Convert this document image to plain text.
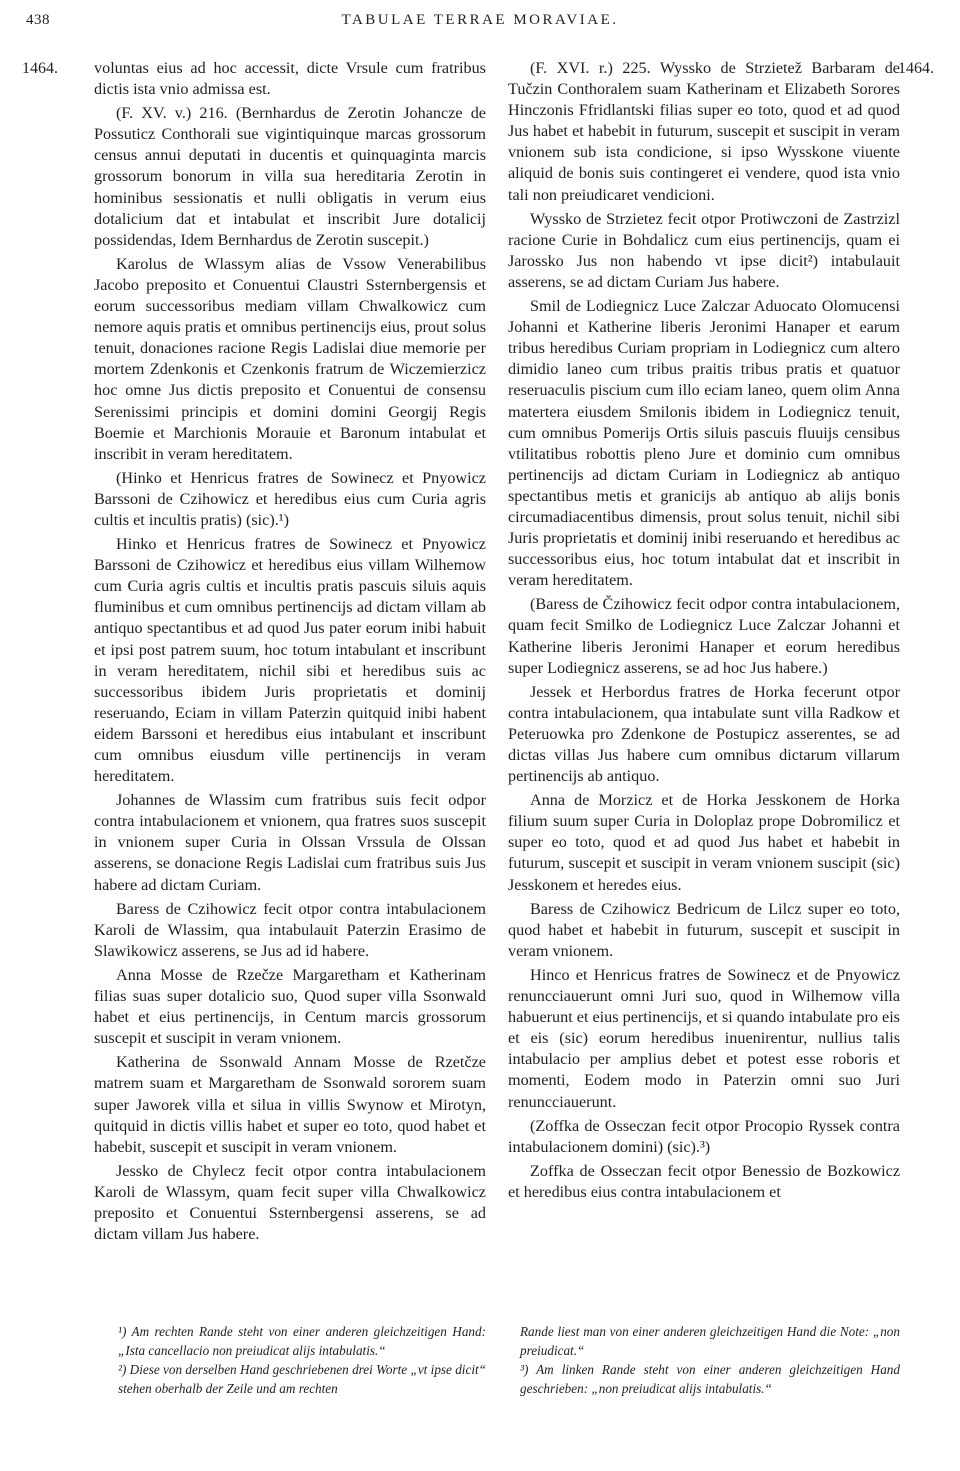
438	TABULAE TERRAE MORAVIAE.
1464.	1464.

voluntas eius ad hoc accessit, dicte Vrsule cum fratribus dictis ista vnio admissa est.

(F. XV. v.) 216. (Bernhardus de Zerotin Johancze de Possuticz Conthorali sue vigintiquinque marcas grossorum census annui deputati in ducentis et quinquaginta marcis grossorum bonorum in villa sua hereditaria Zerotin in hominibus sessionatis et nulli obligatis in verum eius dotalicium dat et intabulat et inscribit Jure dotalicij possidendas, Idem Bernhardus de Zerotin suscepit.)

Karolus de Wlassym alias de Vssow Venerabilibus Jacobo preposito et Conuentui Claustri Ssternbergensis et eorum successoribus mediam villam Chwalkowicz cum nemore aquis pratis et omnibus pertinencijs eius, prout solus tenuit, donaciones racione Regis Ladislai diue memorie per mortem Zdenkonis et Czenkonis fratrum de Wiczemierzicz hoc omne Jus dictis preposito et Conuentui de consensu Serenissimi principis et domini domini Georgij Regis Boemie et Marchionis Morauie et Baronum intabulat et inscribit in veram hereditatem.

(Hinko et Henricus fratres de Sowinecz et Pnyowicz Barssoni de Czihowicz et heredibus eius cum Curia agris cultis et incultis pratis) (sic).¹)

Hinko et Henricus fratres de Sowinecz et Pnyowicz Barssoni de Czihowicz et heredibus eius villam Wilhemow cum Curia agris cultis et incultis pratis pascuis siluis aquis fluminibus et cum omnibus pertinencijs ad dictam villam ab antiquo spectantibus et ad quod Jus pater eorum inibi habuit et ipsi post patrem suum, hoc totum intabulant et inscribunt in veram hereditatem, nichil sibi et heredibus suis ac successoribus ibidem Juris proprietatis et dominij reseruando, Eciam in villam Paterzin quitquid inibi habent eidem Barssoni et heredibus eius intabulant et inscribunt cum omnibus eiusdum ville pertinencijs in veram hereditatem.

Johannes de Wlassim cum fratribus suis fecit odpor contra intabulacionem et vnionem, qua fratres suos suscepit in vnionem super Curia in Olssan Vrssula de Olssan asserens, se donacione Regis Ladislai cum fratribus suis Jus habere ad dictam Curiam.

Baress de Czihowicz fecit otpor contra intabulacionem Karoli de Wlassim, qua intabulauit Paterzin Erasimo de Slawikowicz asserens, se Jus ad id habere.

Anna Mosse de Rzečze Margaretham et Katherinam filias suas super dotalicio suo, Quod super villa Ssonwald habet et eius pertinencijs, in Centum marcis grossorum suscepit et suscipit in veram vnionem.

Katherina de Ssonwald Annam Mosse de Rzetčze matrem suam et Margaretham de Ssonwald sororem suam super Jaworek villa et silua in villis Swynow et Mirotyn, quitquid in dictis villis habet et super eo toto, quod habet et habebit, suscepit et suscipit in veram vnionem.

Jessko de Chylecz fecit otpor contra intabulacionem Karoli de Wlassym, quam fecit super villa Chwalkowicz preposito et Conuentui Ssternbergensi asserens, se ad dictam villam Jus habere.

(F. XVI. r.) 225. Wyssko de Strzietež Barbaram de Tučzin Conthoralem suam Katherinam et Elizabeth Sorores Hinczonis Ffridlantski filias super eo toto, quod et ad quod Jus habet et habebit in futurum, suscepit et suscipit in veram vnionem sub ista condicione, si ipso Wysskone viuente aliquid de bonis suis contingeret ei vendere, quod ista vnio tali non preiudicaret vendicioni.

Wyssko de Strzietez fecit otpor Protiwczoni de Zastrzizl racione Curie in Bohdalicz cum eius pertinencijs, quam ei Jarossko Jus non habendo vt ipse dicit²) intabulauit asserens, se ad dictam Curiam Jus habere.

Smil de Lodiegnicz Luce Zalczar Aduocato Olomucensi Johanni et Katherine liberis Jeronimi Hanaper et earum tribus heredibus Curiam propriam in Lodiegnicz cum altero dimidio laneo cum tribus praitis tribus pratis et quatuor reseruaculis piscium cum illo eciam laneo, quem olim Anna matertera eiusdem Smilonis ibidem in Lodiegnicz tenuit, cum omnibus Pomerijs Ortis siluis pascuis fluuijs censibus vtilitatibus robottis pleno Jure et dominio cum omnibus pertinencijs ad dictam Curiam in Lodiegnicz ab antiquo spectantibus metis et granicijs ab antiquo ab alijs bonis circumadiacentibus dimensis, prout solus tenuit, nichil sibi Juris proprietatis et dominij inibi reseruando et heredibus ac successoribus eius, hoc totum intabulat dat et inscribit in veram hereditatem.

(Baress de Čzihowicz fecit odpor contra intabulacionem, quam fecit Smilko de Lodiegnicz Luce Zalczar Johanni et Katherine liberis Jeronimi Hanaper et eorum heredibus super Lodiegnicz asserens, se ad hoc Jus habere.)

Jessek et Herbordus fratres de Horka fecerunt otpor contra intabulacionem, qua intabulate sunt villa Radkow et Peteruowka pro Zdenkone de Postupicz asserentes, se ad dictas villas Jus habere cum omnibus dictarum villarum pertinencijs ab antiquo.

Anna de Morzicz et de Horka Jesskonem de Horka filium suum super Curia in Doloplaz prope Dobromilicz et super eo toto, quod et ad quod Jus habet et habebit in futurum, suscepit et suscipit in veram vnionem suscipit (sic) Jesskonem et heredes eius.

Baress de Czihowicz Bedricum de Lilcz super eo toto, quod habet et habebit in futurum, suscepit et suscipit in veram vnionem.

Hinco et Henricus fratres de Sowinecz et de Pnyowicz renuncciauerunt omni Juri suo, quod in Wilhemow villa habuerunt et eius pertinencijs, et si quando intabulate pro eis et eis (sic) eorum heredibus inuenirentur, nullius talis intabulacio per amplius debet et potest esse roboris et momenti, Eodem modo in Paterzin omni suo Juri renuncciauerunt.

(Zoffka de Osseczan fecit otpor Procopio Ryssek contra intabulacionem domini) (sic).³)

Zoffka de Osseczan fecit otpor Benessio de Bozkowicz et heredibus eius contra intabulacionem et

¹) Am rechten Rande steht von einer anderen gleichzeitigen Hand: „Ista cancellacio non preiudicat alijs intabulatis.“

²) Diese von derselben Hand geschriebenen drei Worte „vt ipse dicit“ stehen oberhalb der Zeile und am rechten

Rande liest man von einer anderen gleichzeitigen Hand die Note: „non preiudicat.“

³) Am linken Rande steht von einer anderen gleichzeitigen Hand geschrieben: „non preiudicat alijs intabulatis.“
